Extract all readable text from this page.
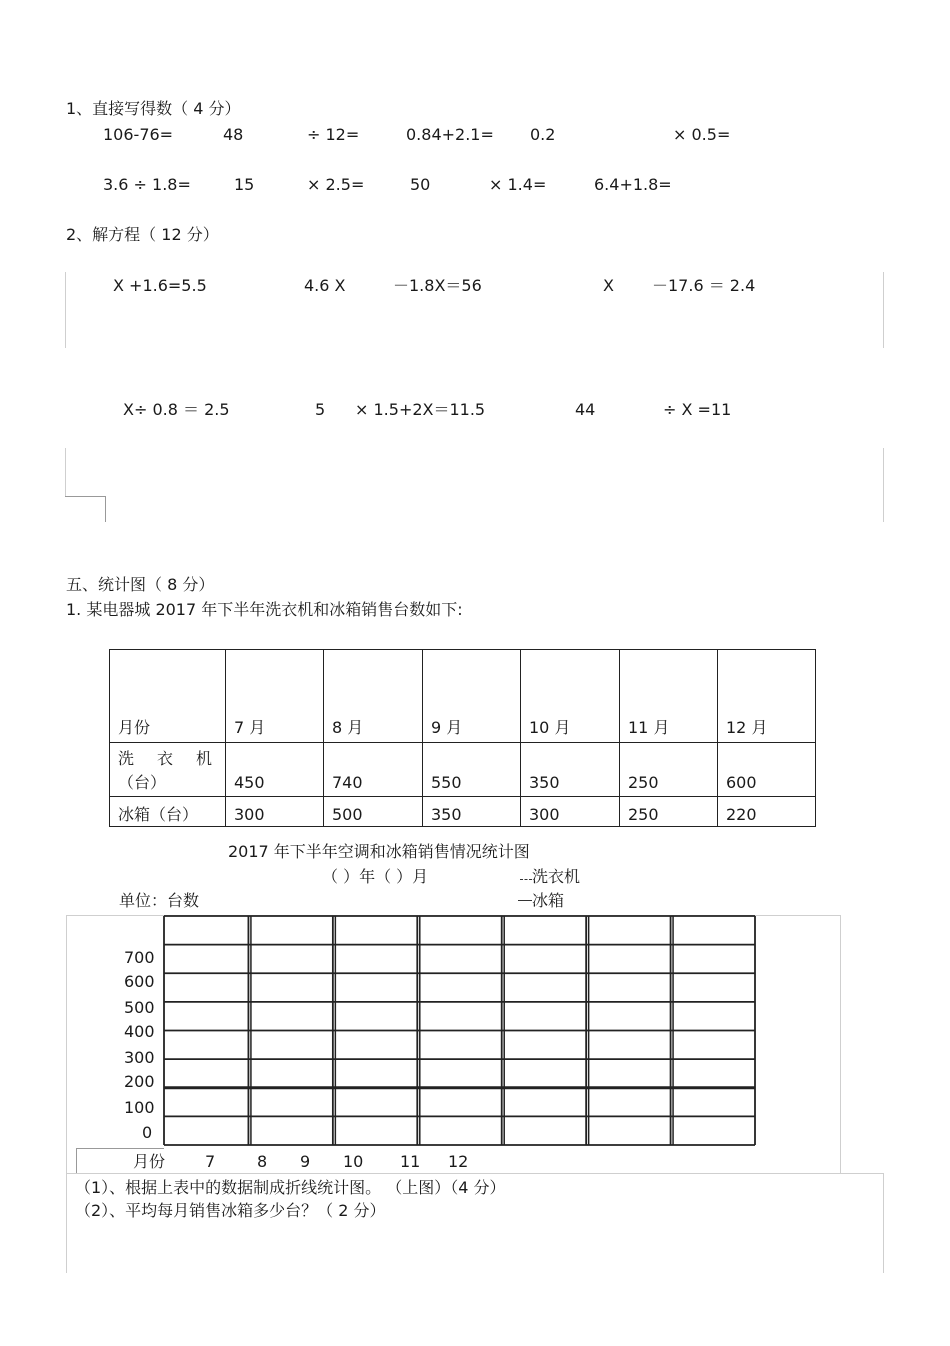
1、直接写得数（ 4 分）
106-76=	48	÷ 12=	0.84+2.1= 0.2	× 0.5=
3.6 ÷ 1.8=	15	× 2.5=	50	× 1.4=	6.4+1.8=
2、解方程（ 12 分）
X +1.6=5.5	4.6 X	－1.8X＝56	X －17.6 ＝ 2.4
X÷ 0.8 ＝ 2.5	5 × 1.5+2X＝11.5	44	÷ X =11
五、统计图（ 8 分）
1. 某电器城 2017 年下半年洗衣机和冰箱销售台数如下:
月份	7 月	8 月	9 月	10 月	11 月	12 月

洗 衣 机
（台）	450	740	550	350	250	600
冰箱（台）	300	500	350	300	250	220
2017 年下半年空调和冰箱销售情况统计图
（ ）年（ ）月	洗衣机
单位：台数	冰箱
700
600
500
400
300
200
100
0
月份 7	8 9 10 11 12
（1）、根据上表中的数据制成折线统计图。 （上图）（4 分）
（2）、平均每月销售冰箱多少台？（ 2 分）
